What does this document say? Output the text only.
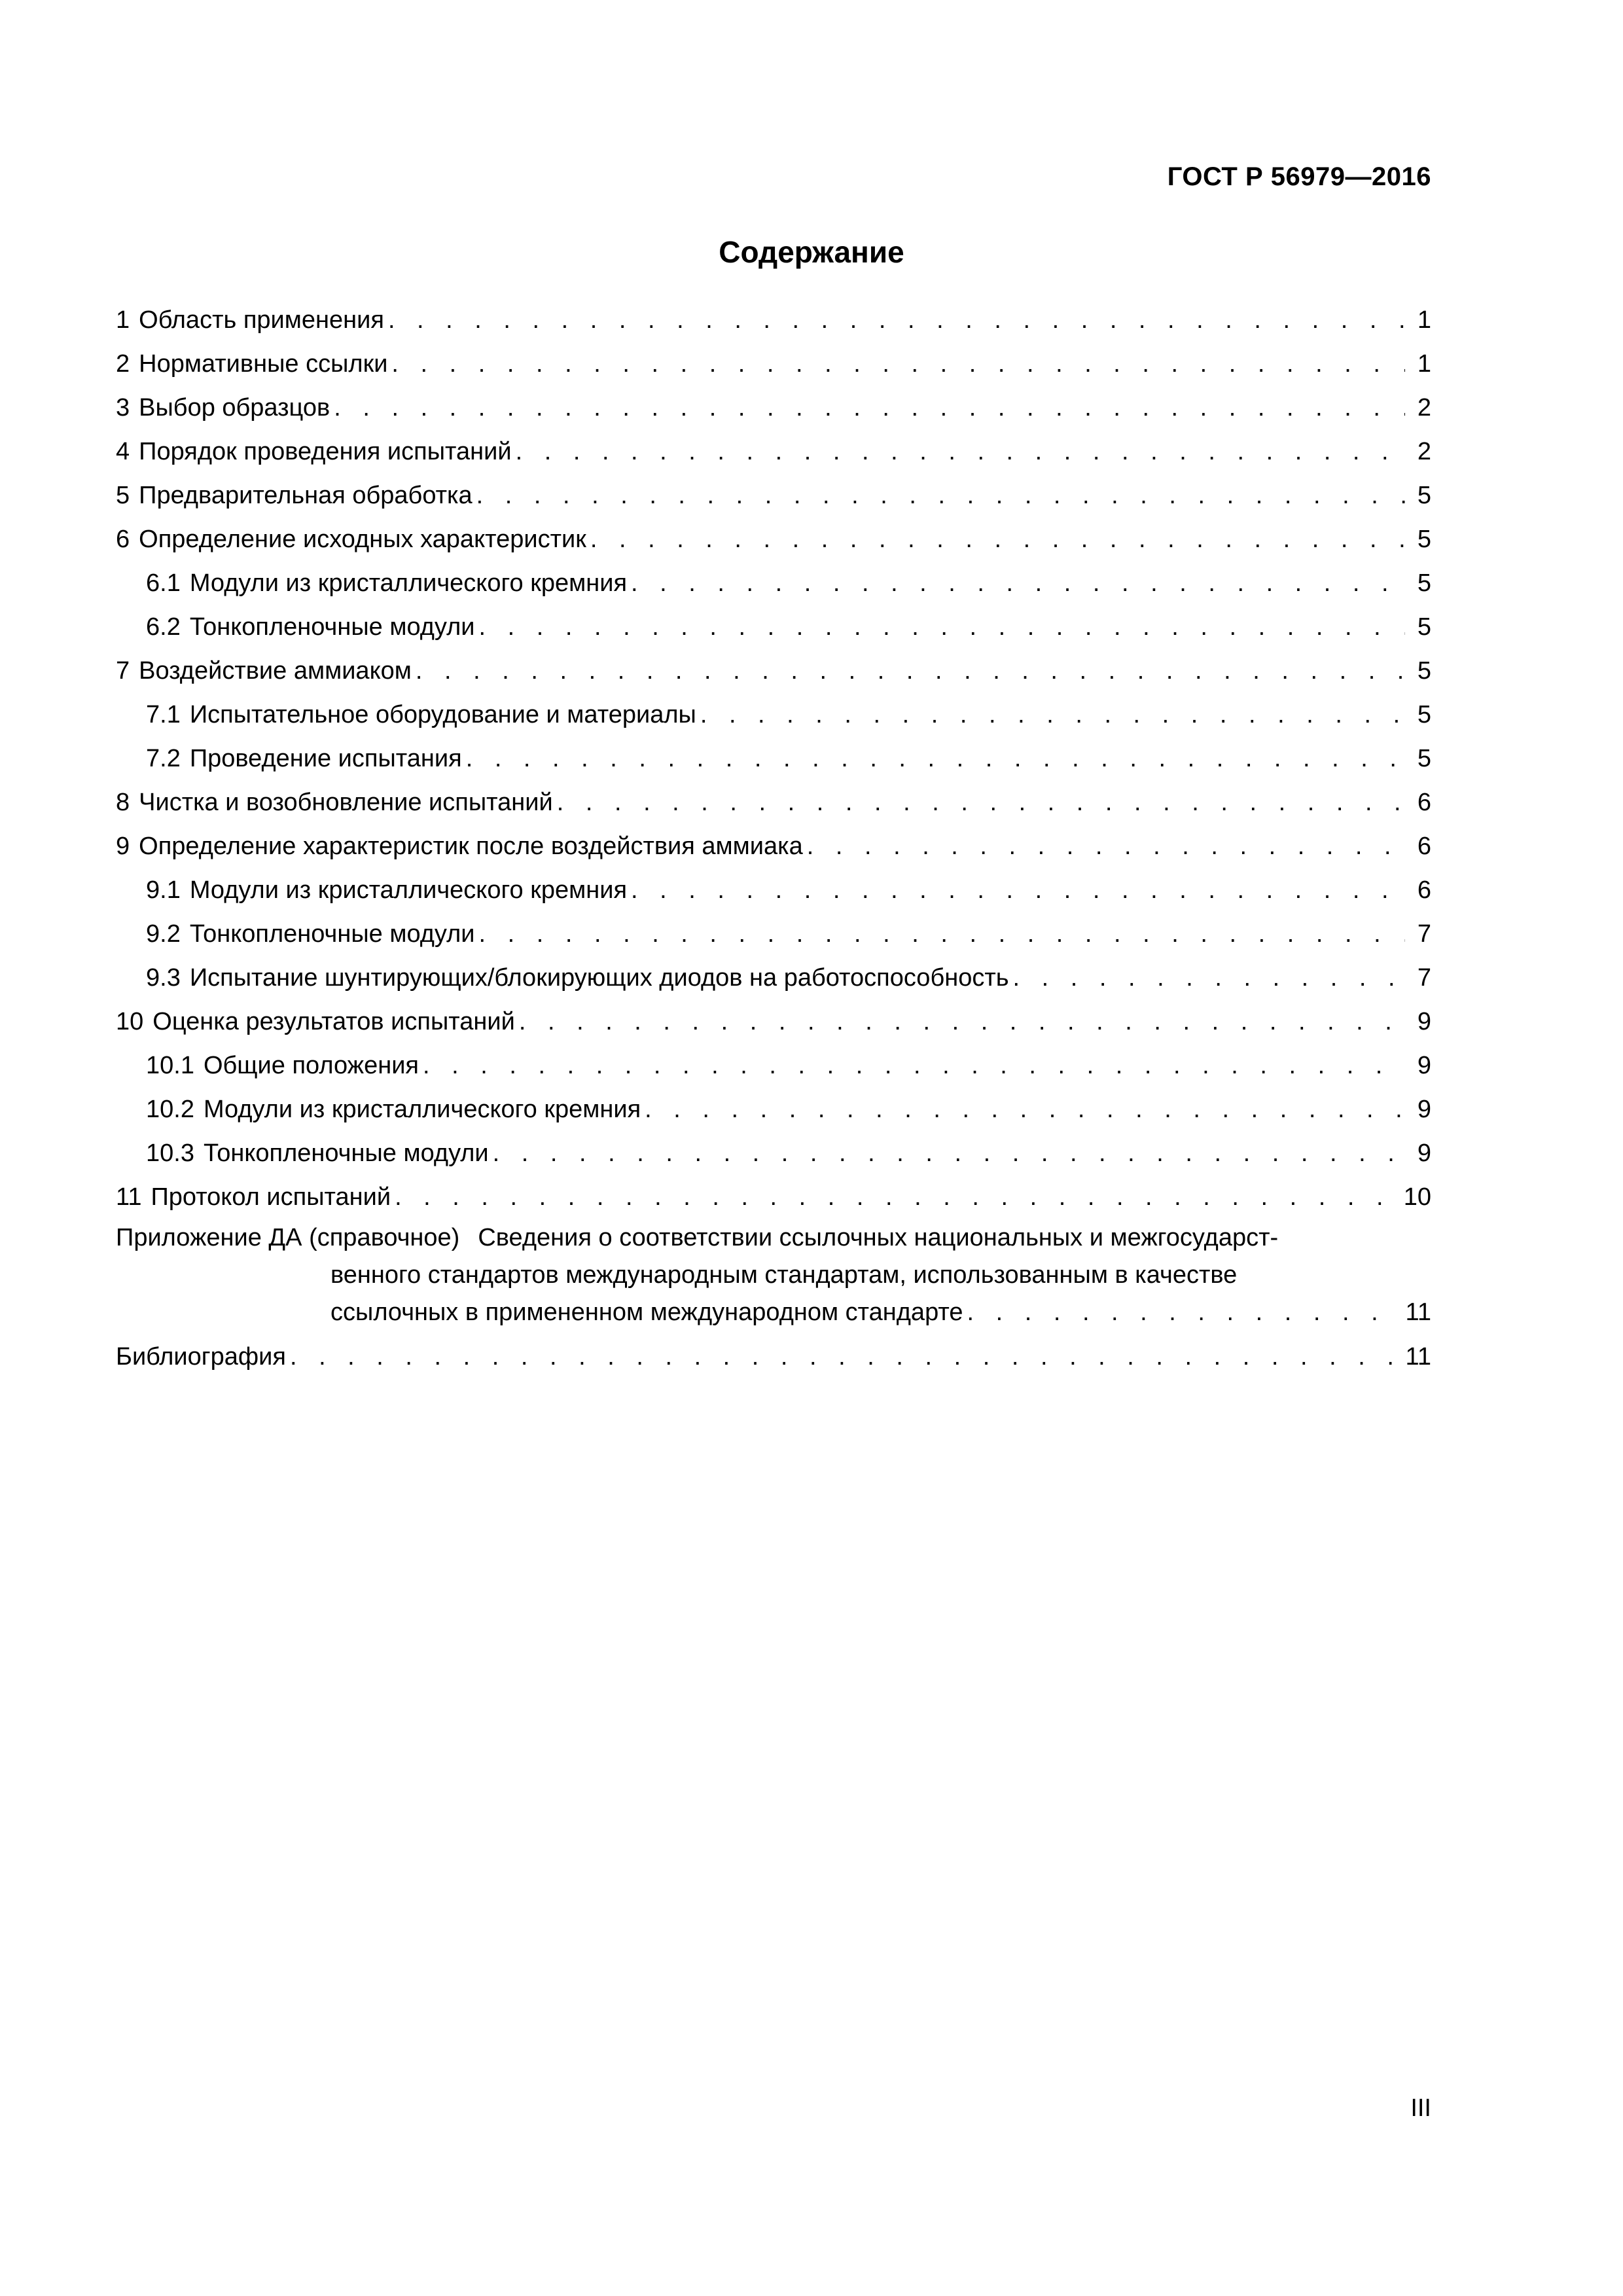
ГОСТ Р 56979—2016
Содержание
1 Область применения . . .	1
2 Нормативные ссылки . . .	1
3 Выбор образцов . . .	2
4 Порядок проведения испытаний . . .	2
5 Предварительная обработка . . .	5
6 Определение исходных характеристик . . .	5
6.1 Модули из кристаллического кремния . . .	5
6.2 Тонкопленочные модули . . .	5
7 Воздействие аммиаком . . .	5
7.1 Испытательное оборудование и материалы . . .	5
7.2 Проведение испытания . . .	5
8 Чистка и возобновление испытаний . . .	6
9 Определение характеристик после воздействия аммиака . . .	6
9.1 Модули из кристаллического кремния . . .	6
9.2 Тонкопленочные модули . . .	7
9.3 Испытание шунтирующих/блокирующих диодов на работоспособность . . .	7
10 Оценка результатов испытаний . . .	9
10.1 Общие положения . . .	9
10.2 Модули из кристаллического кремния . . .	9
10.3 Тонкопленочные модули . . .	9
11 Протокол испытаний . . .	10
Приложение ДА (справочное) Сведения о соответствии ссылочных национальных и межгосударст-
венного стандартов международным стандартам, использованным в качестве
ссылочных в примененном международном стандарте . . .	11
Библиография . . .	11
III
